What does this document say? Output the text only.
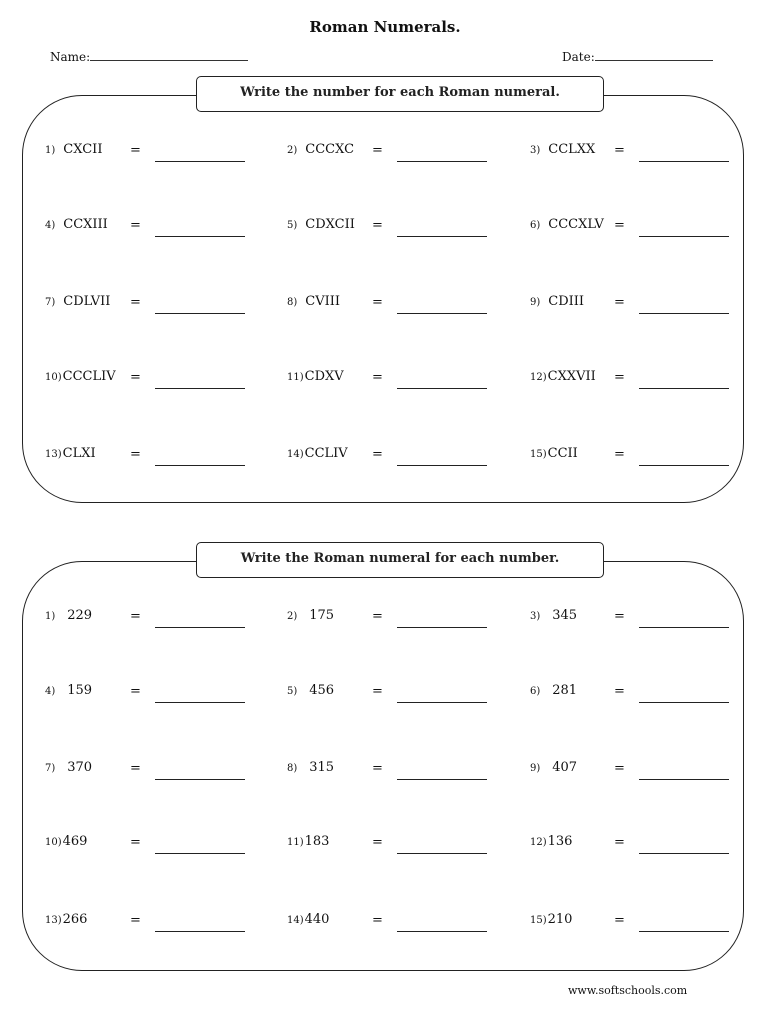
Roman Numerals.
Name:	Date:
Write the number for each Roman numeral.
1) CXCII =	2) CCCXC =	3) CCLXX =
4) CCXIII =	5) CDXCII =	6) CCCXLV =
7) CDLVII =	8) CVIII =	9) CDIII =
10)CCCLIV =	11)CDXV =	12)CXXVII =
13)CLXI	=	14)CCLIV =	15)CCII	=
Write the Roman numeral for each number.
1) 229	=	2) 175	=	3) 345	=
4) 159	=	5) 456	=	6) 281	=
7) 370	=	8) 315	=	9) 407	=
10)469	=	11)183	=	12)136	=
13)266	=	14)440	=	15)210	=
www.softschools.com
